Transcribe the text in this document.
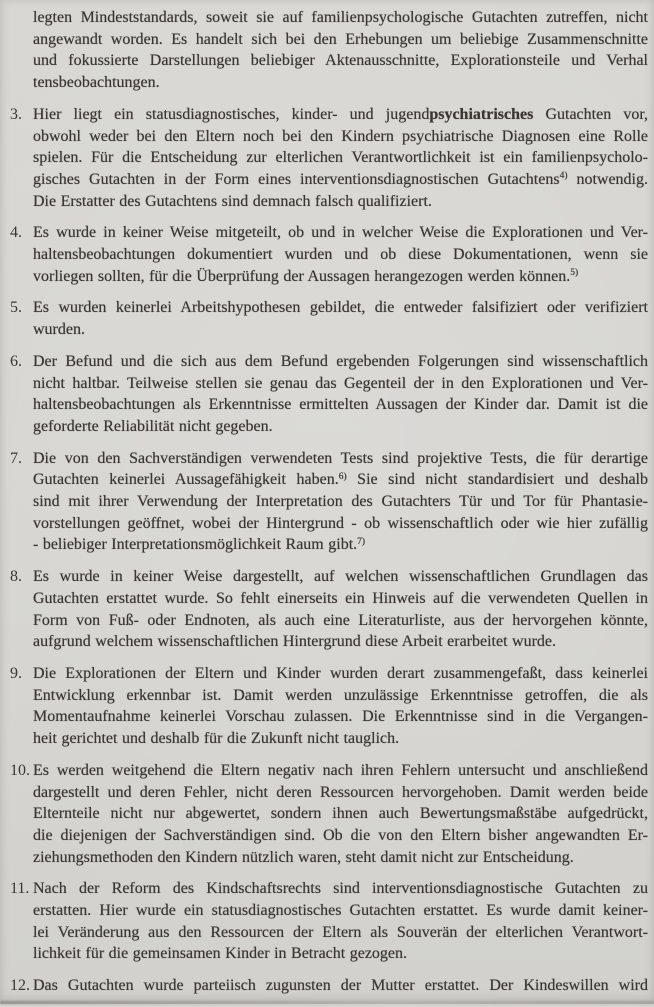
legten Mindeststandards, soweit sie auf familienpsychologische Gutachten zutreffen, nicht
angewandt worden. Es handelt sich bei den Erhebungen um beliebige Zusammenschnitte
und fokussierte Darstellungen beliebiger Aktenausschnitte, Explorationsteile und Verhal
tensbeobachtungen.
3. Hier liegt ein statusdiagnostisches, kinder- und jugendpsychiatrisches Gutachten vor,
obwohl weder bei den Eltern noch bei den Kindern psychiatrische Diagnosen eine Rolle
spielen. Für die Entscheidung zur elterlichen Verantwortlichkeit ist ein familienpsycholo-
gisches Gutachten in der Form eines interventionsdiagnostischen Gutachtens$^{4)}$ notwendig.
Die Erstatter des Gutachtens sind demnach falsch qualifiziert.
4. Es wurde in keiner Weise mitgeteilt, ob und in welcher Weise die Explorationen und Ver-
haltensbeobachtungen dokumentiert wurden und ob diese Dokumentationen, wenn sie
vorliegen sollten, für die Überprüfung der Aussagen herangezogen werden können.$^{5)}$
5. Es wurden keinerlei Arbeitshypothesen gebildet, die entweder falsifiziert oder verifiziert
wurden.
6. Der Befund und die sich aus dem Befund ergebenden Folgerungen sind wissenschaftlich
nicht haltbar. Teilweise stellen sie genau das Gegenteil der in den Explorationen und Ver-
haltensbeobachtungen als Erkenntnisse ermittelten Aussagen der Kinder dar. Damit ist die
geforderte Reliabilität nicht gegeben.
7. Die von den Sachverständigen verwendeten Tests sind projektive Tests, die für derartige
Gutachten keinerlei Aussagefähigkeit haben.$^{6)}$ Sie sind nicht standardisiert und deshalb
sind mit ihrer Verwendung der Interpretation des Gutachters Tür und Tor für Phantasie-
vorstellungen geöffnet, wobei der Hintergrund - ob wissenschaftlich oder wie hier zufällig
- beliebiger Interpretationsmöglichkeit Raum gibt.$^{7)}$
8. Es wurde in keiner Weise dargestellt, auf welchen wissenschaftlichen Grundlagen das
Gutachten erstattet wurde. So fehlt einerseits ein Hinweis auf die verwendeten Quellen in
Form von Fuß- oder Endnoten, als auch eine Literaturliste, aus der hervorgehen könnte,
aufgrund welchem wissenschaftlichen Hintergrund diese Arbeit erarbeitet wurde.
9. Die Explorationen der Eltern und Kinder wurden derart zusammengefaßt, dass keinerlei
Entwicklung erkennbar ist. Damit werden unzulässige Erkenntnisse getroffen, die als
Momentaufnahme keinerlei Vorschau zulassen. Die Erkenntnisse sind in die Vergangen-
heit gerichtet und deshalb für die Zukunft nicht tauglich.
10. Es werden weitgehend die Eltern negativ nach ihren Fehlern untersucht und anschließend
dargestellt und deren Fehler, nicht deren Ressourcen hervorgehoben. Damit werden beide
Elternteile nicht nur abgewertet, sondern ihnen auch Bewertungsmaßstäbe aufgedrückt,
die diejenigen der Sachverständigen sind. Ob die von den Eltern bisher angewandten Er-
ziehungsmethoden den Kindern nützlich waren, steht damit nicht zur Entscheidung.
11. Nach der Reform des Kindschaftsrechts sind interventionsdiagnostische Gutachten zu
erstatten. Hier wurde ein statusdiagnostisches Gutachten erstattet. Es wurde damit keiner-
lei Veränderung aus den Ressourcen der Eltern als Souverän der elterlichen Verantwort-
lichkeit für die gemeinsamen Kinder in Betracht gezogen.
12. Das Gutachten wurde parteiisch zugunsten der Mutter erstattet. Der Kindeswillen wird
